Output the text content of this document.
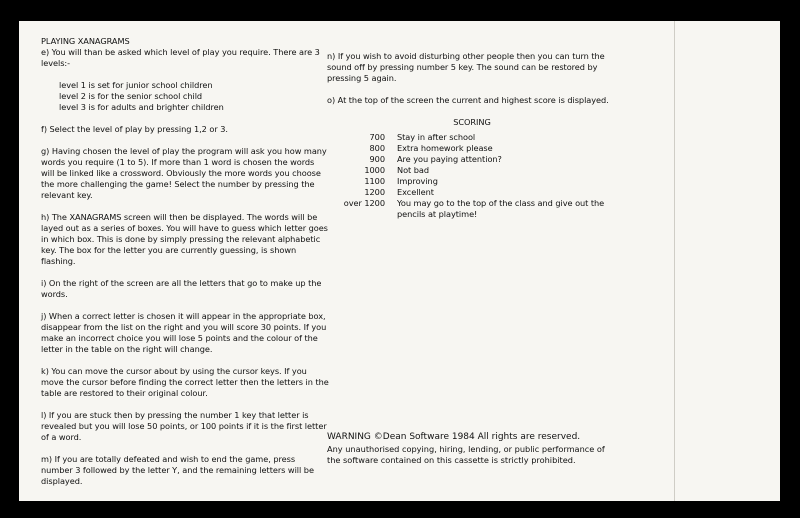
PLAYING XANAGRAMS

e) You will than be asked which level of play you require. There are 3 levels:-

level 1 is set for junior school children

level 2 is for the senior school child

level 3 is for adults and brighter children

f) Select the level of play by pressing 1,2 or 3.

g) Having chosen the level of play the program will ask you how many words you require (1 to 5). If more than 1 word is chosen the words will be linked like a crossword. Obviously the more words you choose the more challenging the game! Select the number by pressing the relevant key.

h) The XANAGRAMS screen will then be displayed. The words will be layed out as a series of boxes. You will have to guess which letter goes in which box. This is done by simply pressing the relevant alphabetic key. The box for the letter you are currently guessing, is shown flashing.

i) On the right of the screen are all the letters that go to make up the words.

j) When a correct letter is chosen it will appear in the appropriate box, disappear from the list on the right and you will score 30 points. If you make an incorrect choice you will lose 5 points and the colour of the letter in the table on the right will change.

k) You can move the cursor about by using the cursor keys. If you move the cursor before finding the correct letter then the letters in the table are restored to their original colour.

l) If you are stuck then by pressing the number 1 key that letter is revealed but you will lose 50 points, or 100 points if it is the first letter of a word.

m) If you are totally defeated and wish to end the game, press number 3 followed by the letter Y, and the remaining letters will be displayed.

n) If you wish to avoid disturbing other people then you can turn the sound off by pressing number 5 key. The sound can be restored by pressing 5 again.

o) At the top of the screen the current and highest score is displayed.

SCORING

700	Stay in after school
800	Extra homework please
900	Are you paying attention?
1000	Not bad
1100	Improving
1200	Excellent
over 1200	You may go to the top of the class and give out the pencils at playtime!

WARNING ©Dean Software 1984 All rights are reserved.

Any unauthorised copying, hiring, lending, or public performance of the software contained on this cassette is strictly prohibited.
